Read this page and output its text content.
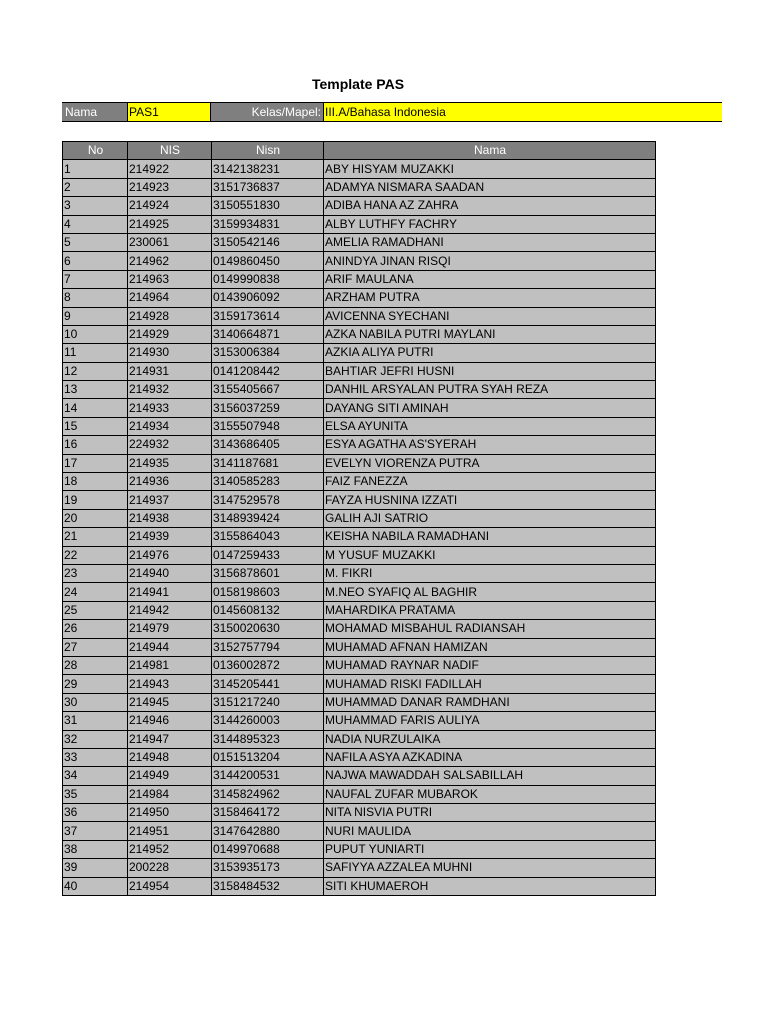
Template PAS
Nama	PAS1	Kelas/Mapel: III.A/Bahasa Indonesia
No	NIS	Nisn	Nama
1	214922	3142138231	ABY HISYAM MUZAKKI
2	214923	3151736837	ADAMYA NISMARA SAADAN
3	214924	3150551830	ADIBA HANA AZ ZAHRA
4	214925	3159934831	ALBY LUTHFY FACHRY
5	230061	3150542146	AMELIA RAMADHANI
6	214962	0149860450	ANINDYA JINAN RISQI
7	214963	0149990838	ARIF MAULANA
8	214964	0143906092	ARZHAM PUTRA
9	214928	3159173614	AVICENNA SYECHANI
10	214929	3140664871	AZKA NABILA PUTRI MAYLANI
11	214930	3153006384	AZKIA ALIYA PUTRI
12	214931	0141208442	BAHTIAR JEFRI HUSNI
13	214932	3155405667	DANHIL ARSYALAN PUTRA SYAH REZA
14	214933	3156037259	DAYANG SITI AMINAH
15	214934	3155507948	ELSA AYUNITA
16	224932	3143686405	ESYA AGATHA AS'SYERAH
17	214935	3141187681	EVELYN VIORENZA PUTRA
18	214936	3140585283	FAIZ FANEZZA
19	214937	3147529578	FAYZA HUSNINA IZZATI
20	214938	3148939424	GALIH AJI SATRIO
21	214939	3155864043	KEISHA NABILA RAMADHANI
22	214976	0147259433	M YUSUF MUZAKKI
23	214940	3156878601	M. FIKRI
24	214941	0158198603	M.NEO SYAFIQ AL BAGHIR
25	214942	0145608132	MAHARDIKA PRATAMA
26	214979	3150020630	MOHAMAD MISBAHUL RADIANSAH
27	214944	3152757794	MUHAMAD AFNAN HAMIZAN
28	214981	0136002872	MUHAMAD RAYNAR NADIF
29	214943	3145205441	MUHAMAD RISKI FADILLAH
30	214945	3151217240	MUHAMMAD DANAR RAMDHANI
31	214946	3144260003	MUHAMMAD FARIS AULIYA
32	214947	3144895323	NADIA NURZULAIKA
33	214948	0151513204	NAFILA ASYA AZKADINA
34	214949	3144200531	NAJWA MAWADDAH SALSABILLAH
35	214984	3145824962	NAUFAL ZUFAR MUBAROK
36	214950	3158464172	NITA NISVIA PUTRI
37	214951	3147642880	NURI MAULIDA
38	214952	0149970688	PUPUT YUNIARTI
39	200228	3153935173	SAFIYYA AZZALEA MUHNI
40	214954	3158484532	SITI KHUMAEROH
